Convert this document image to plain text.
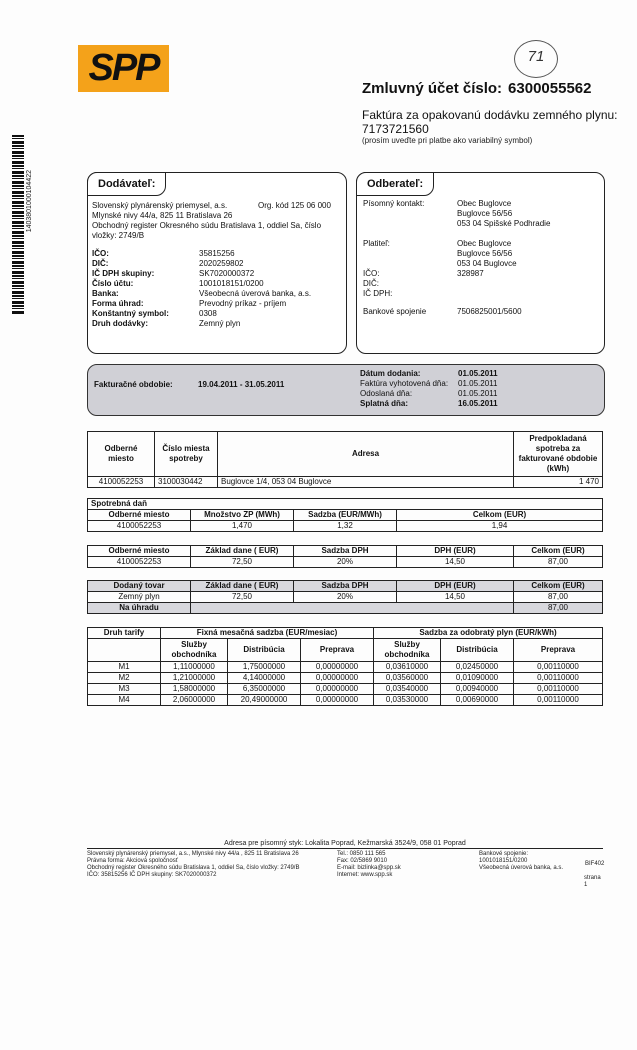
SPP	71
Zmluvný účet číslo: 6300055562
Faktúra za opakovanú dodávku zemného plynu:
7173721560
(prosím uveďte pri platbe ako variabilný symbol)
1403801000104422	Dodávateľ:
Slovenský plynárenský priemysel, a.s.	Org. kód 125 06 000
Mlynské nivy 44/a, 825 11 Bratislava 26
Obchodný register Okresného súdu Bratislava 1, oddiel Sa, číslo
vložky: 2749/B
IČO:	35815256
DIČ:	2020259802
IČ DPH skupiny:	SK7020000372
Číslo účtu:	1001018151/0200
Banka:	Všeobecná úverová banka, a.s.
Forma úhrad:	Prevodný príkaz - príjem
Konštantný symbol:	0308
Druh dodávky:	Zemný plyn
Odberateľ:
Písomný kontakt:	Obec Buglovce
Buglovce 56/56
053 04 Spišské Podhradie
Platiteľ:	Obec Buglovce
Buglovce 56/56
053 04 Buglovce
IČO:	328987
DIČ:
IČ DPH:
Bankové spojenie	7506825001/5600
Fakturačné obdobie:	19.04.2011 - 31.05.2011
Dátum dodania:	01.05.2011
Faktúra vyhotovená dňa: 01.05.2011
Odoslaná dňa:	01.05.2011
Splatná dňa:	16.05.2011
Odberné miesto	Číslo miesta spotreby	Adresa	Predpokladaná spotreba za fakturované obdobie (kWh)
4100052253	3100030442	Buglovce 1/4, 053 04 Buglovce	1 470
Spotrebná daň			
Odberné miesto	Množstvo ZP (MWh)	Sadzba (EUR/MWh)	Celkom (EUR)
4100052253	1,470	1,32	1,94
Odberné miesto	Základ dane ( EUR)	Sadzba DPH	DPH (EUR)	Celkom (EUR)
4100052253	72,50	20%	14,50	87,00
Dodaný tovar	Základ dane ( EUR)	Sadzba DPH	DPH (EUR)	Celkom (EUR)
Zemný plyn	72,50	20%	14,50	87,00
Na úhradu				87,00
Druh tarify	Fixná mesačná sadzba (EUR/mesiac)			Sadzba za odobratý plyn (EUR/kWh)		
	Služby obchodníka	Distribúcia	Preprava	Služby obchodníka	Distribúcia	Preprava
M1	1,11000000	1,75000000	0,00000000	0,03610000	0,02450000	0,00110000
M2	1,21000000	4,14000000	0,00000000	0,03560000	0,01090000	0,00110000
M3	1,58000000	6,35000000	0,00000000	0,03540000	0,00940000	0,00110000
M4	2,06000000	20,49000000	0,00000000	0,03530000	0,00690000	0,00110000
Adresa pre písomný styk: Lokalita Poprad, Kežmarská 3524/9, 058 01 Poprad
Slovenský plynárenský priemysel, a.s., Mlynské nivy 44/a , 825 11 Bratislava 26
Právna forma: Akciová spoločnosť
Obchodný register Okresného súdu Bratislava 1, oddiel Sa, číslo vložky: 2749/B
IČO: 35815256 IČ DPH skupiny: SK7020000372
Tel.: 0850 111 565
Fax: 02/5869 9010
E-mail: bizlinka@spp.sk
Internet: www.spp.sk
Bankové spojenie:
1001018151/0200
Všeobecná úverová banka, a.s.
BIF402
strana 1
